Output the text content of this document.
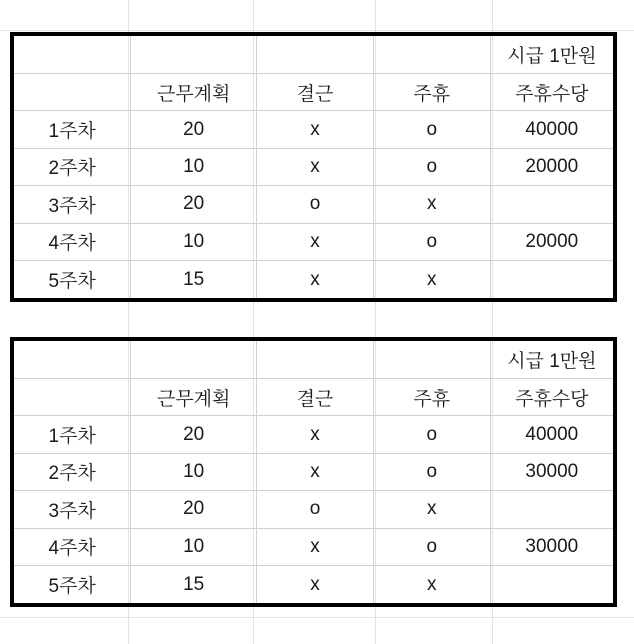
				시급 1만원
	근무계획	결근	주휴	주휴수당
1주차	20	x	o	40000
2주차	10	x	o	20000
3주차	20	o	x	
4주차	10	x	o	20000
5주차	15	x	x	
				시급 1만원
	근무계획	결근	주휴	주휴수당
1주차	20	x	o	40000
2주차	10	x	o	30000
3주차	20	o	x	
4주차	10	x	o	30000
5주차	15	x	x	
